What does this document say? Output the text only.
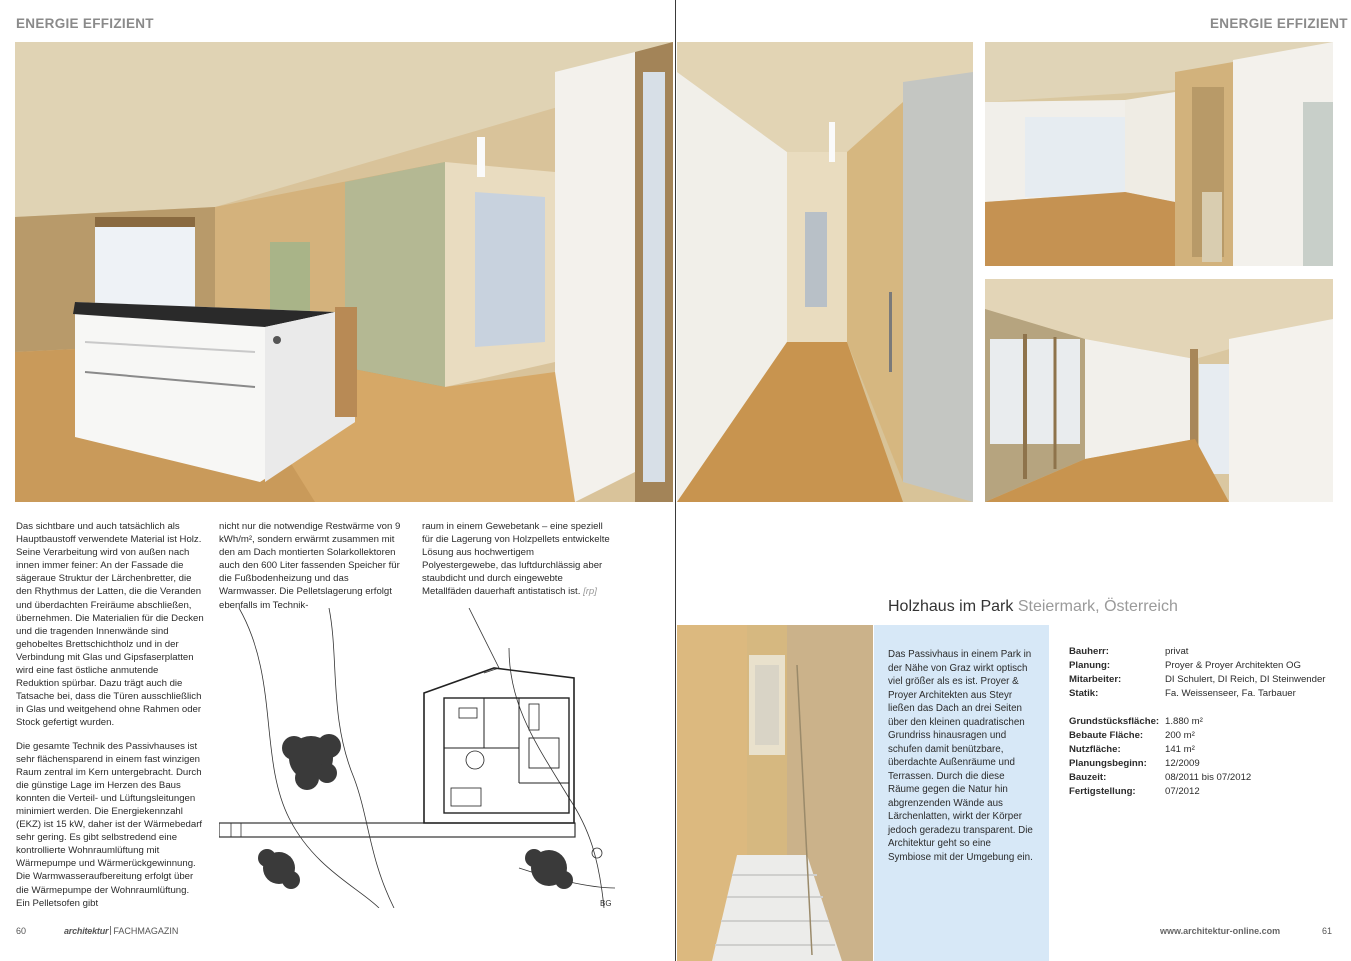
ENERGIE EFFIZIENT

Das sichtbare und auch tatsächlich als Hauptbaustoff verwendete Material ist Holz. Seine Verarbeitung wird von außen nach innen immer feiner: An der Fassade die sägeraue Struktur der Lärchenbretter, die den Rhythmus der Latten, die die Veranden und überdachten Freiräume abschließen, übernehmen. Die Materialien für die Decken und die tragenden Innenwände sind gehobeltes Brettschichtholz und in der Verbindung mit Glas und Gipsfaserplatten wird eine fast östliche anmutende Reduktion spürbar. Dazu trägt auch die Tatsache bei, dass die Türen ausschließlich in Glas und weitgehend ohne Rahmen oder Stock gefertigt wurden.

Die gesamte Technik des Passivhauses ist sehr flächensparend in einem fast winzigen Raum zentral im Kern untergebracht. Durch die günstige Lage im Herzen des Baus konnten die Verteil- und Lüftungsleitungen minimiert werden. Die Energiekennzahl (EKZ) ist 15 kW, daher ist der Wärmebedarf sehr gering. Es gibt selbstredend eine kontrollierte Wohnraumlüftung mit Wärmepumpe und Wärmerückgewinnung. Die Warmwasseraufbereitung erfolgt über die Wärmepumpe der Wohnraumlüftung. Ein Pelletsofen gibt

nicht nur die notwendige Restwärme von 9 kWh/m², sondern erwärmt zusammen mit den am Dach montierten Solarkollektoren auch den 600 Liter fassenden Speicher für die Fußbodenheizung und das Warmwasser. Die Pelletslagerung erfolgt ebenfalls im Technik-

raum in einem Gewebetank – eine speziell für die Lagerung von Holzpellets entwickelte Lösung aus hochwertigem Polyestergewebe, das luftdurchlässig aber staubdicht und durch eingewebte Metallfäden dauerhaft antistatisch ist. [rp]

BG
60	architektur FACHMAGAZIN
ENERGIE EFFIZIENT
Holzhaus im Park Steiermark, Österreich
Das Passivhaus in einem Park in der Nähe von Graz wirkt optisch viel größer als es ist. Proyer & Proyer Architekten aus Steyr ließen das Dach an drei Seiten über den kleinen quadratischen Grundriss hinausragen und schufen damit benützbare, überdachte Außenräume und Terrassen. Durch die diese Räume gegen die Natur hin abgrenzenden Wände aus Lärchenlatten, wirkt der Körper jedoch geradezu transparent. Die Architektur geht so eine Symbiose mit der Umgebung ein.
Bauherr:	privat
Planung:	Proyer & Proyer Architekten OG
Mitarbeiter:	DI Schulert, DI Reich, DI Steinwender
Statik:	Fa. Weissenseer, Fa. Tarbauer
Grundstücksfläche: 1.880 m²
Bebaute Fläche:	200 m²
Nutzfläche:	141 m²
Planungsbeginn:	12/2009
Bauzeit:	08/2011 bis 07/2012
Fertigstellung:	07/2012
www.architektur-online.com	61
